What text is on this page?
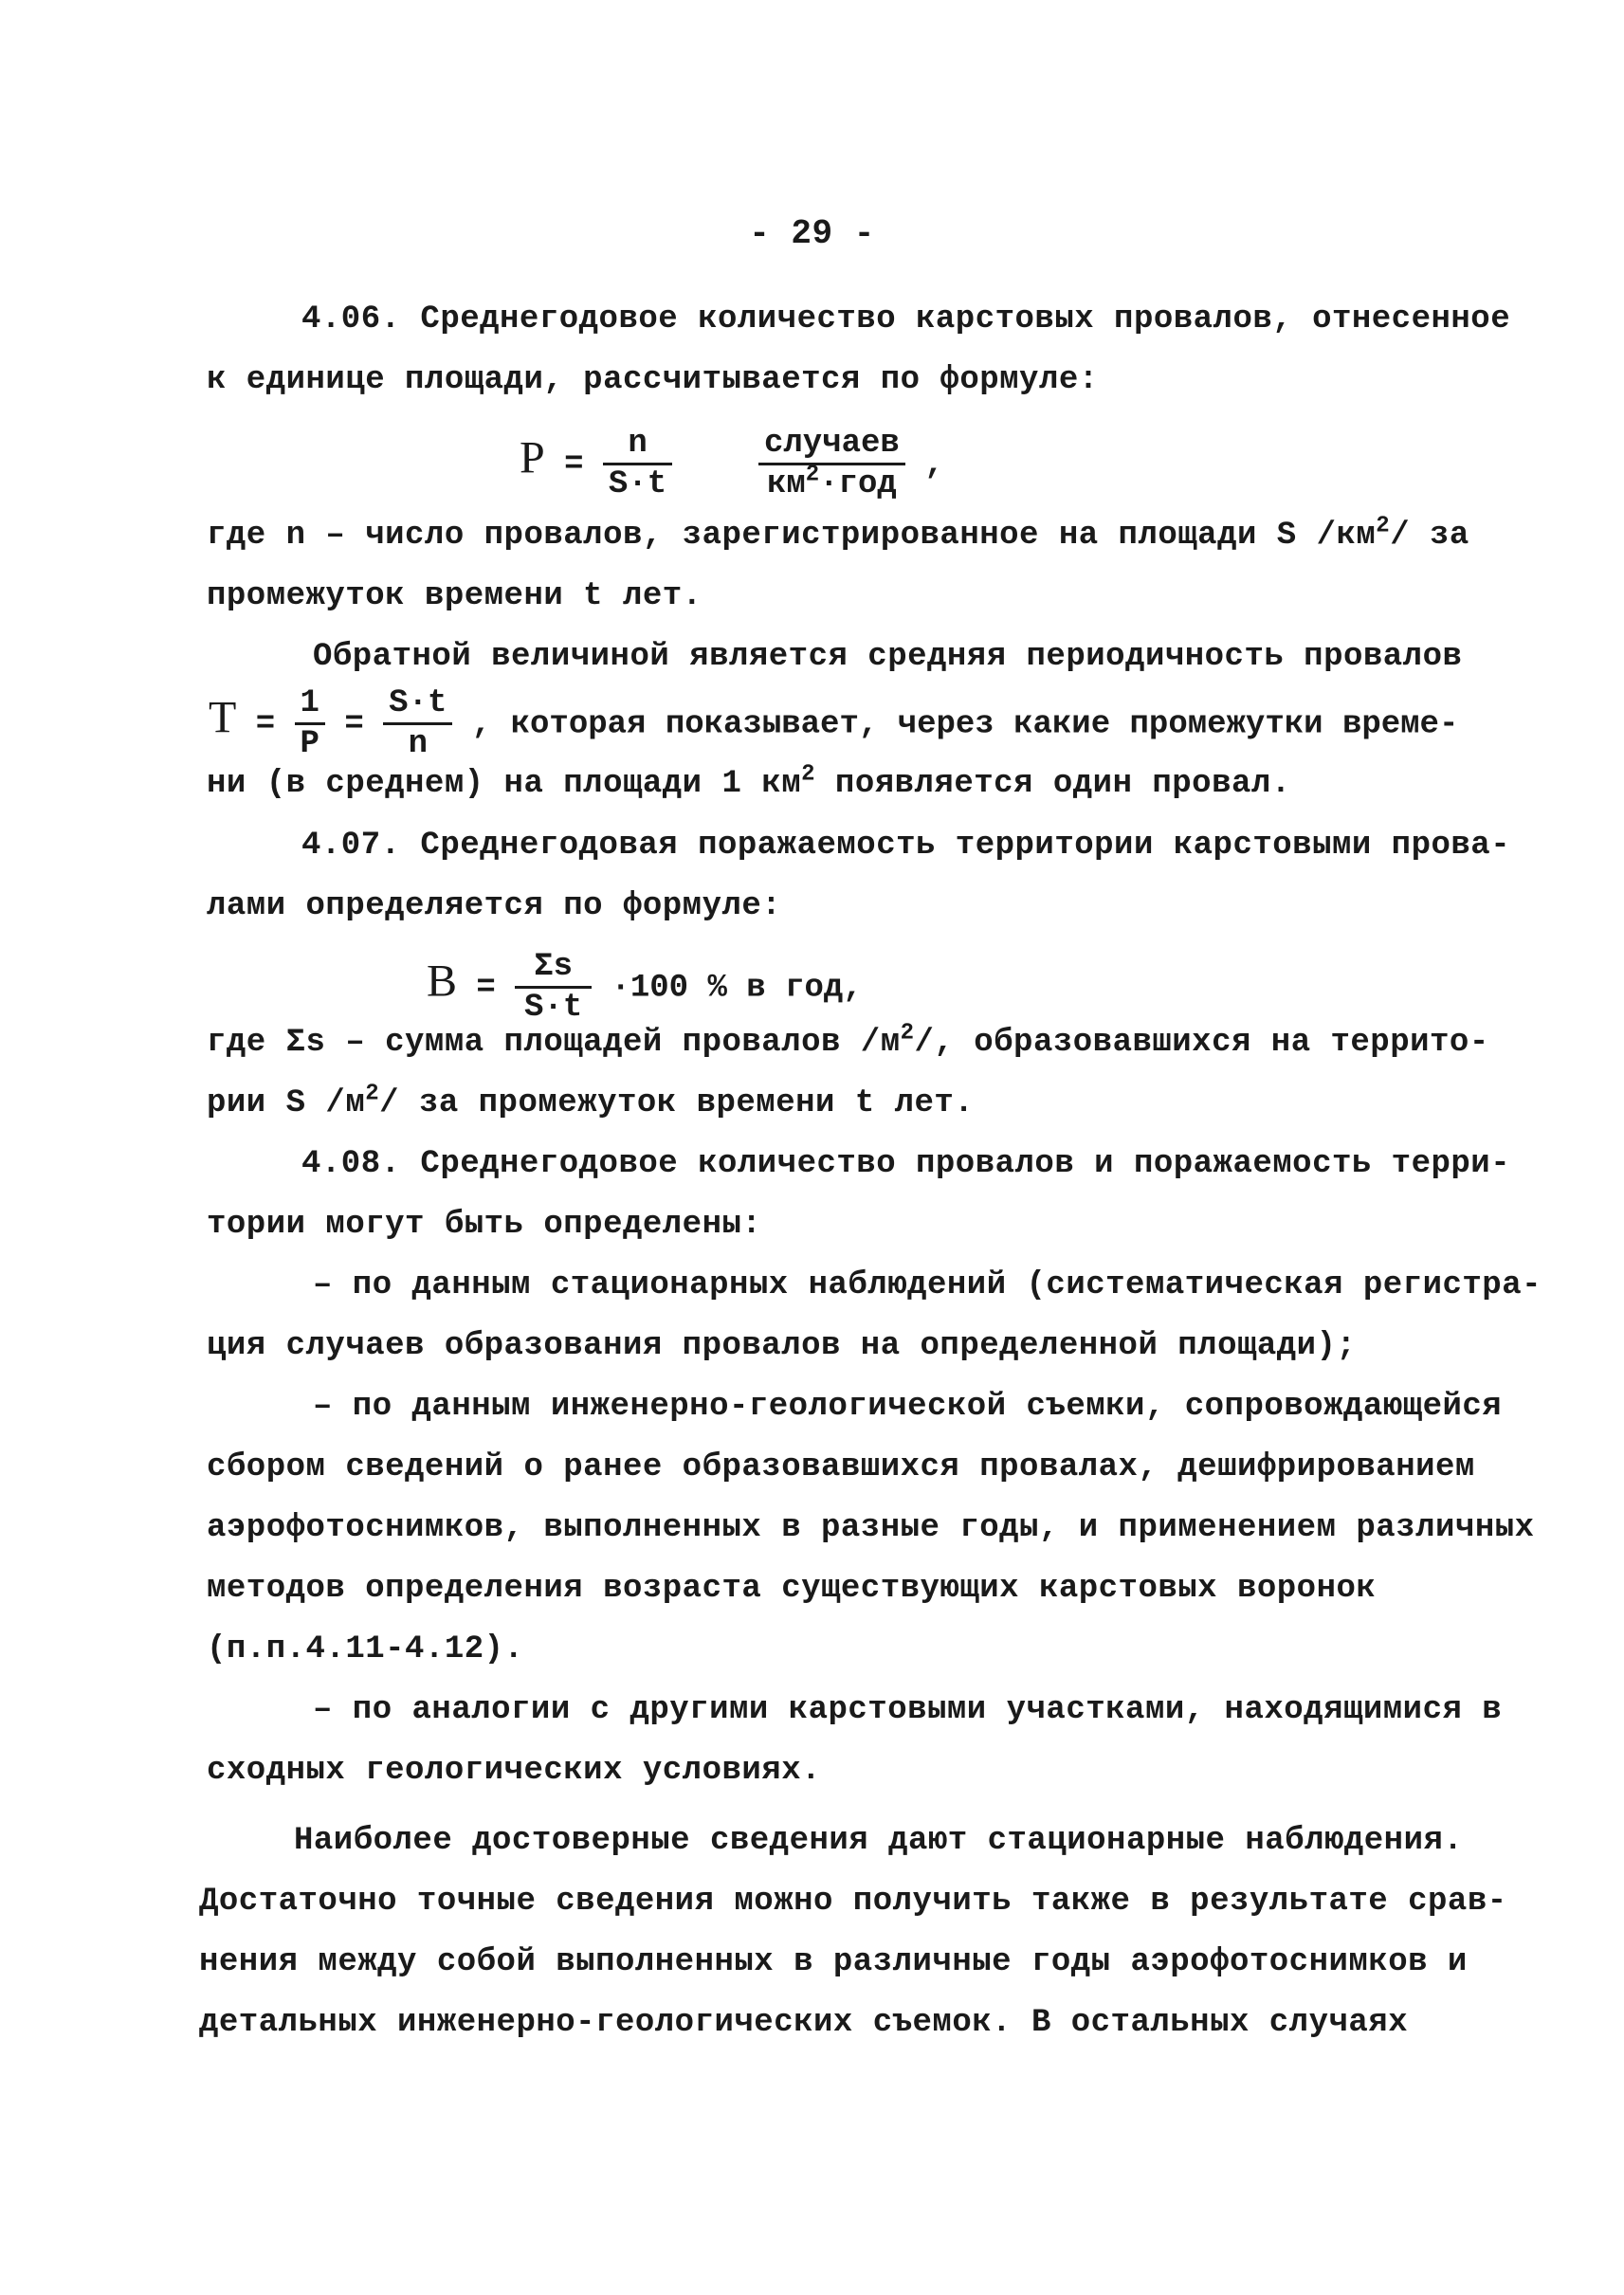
- 29 -
4.06. Среднегодовое количество карстовых провалов, отнесенное
к единице площади, рассчитывается по формуле:
$P = \frac{n}{S\cdot t}$
	$\frac{\text{случаев}}{км^2\cdot год}$ ,
где n – число провалов, зарегистрированное на площади S $/км^2/$ за
промежуток времени t лет.
Обратной величиной является средняя периодичность провалов
$T = \frac{1}{P} = \frac{S\cdot t}{n}$ , которая показывает, через какие промежутки време-
ни (в среднем) на площади 1 $км^2$ появляется один провал.
4.07. Среднегодовая поражаемость территории карстовыми прова-
лами определяется по формуле:
$B = \frac{\Sigma s}{S\cdot t} \cdot 100$ % в год,
где Σs – сумма площадей провалов $/м^2/$, образовавшихся на террито-
рии S $/м^2/$ за промежуток времени t лет.
4.08. Среднегодовое количество провалов и поражаемость терри-
тории могут быть определены:
– по данным стационарных наблюдений (систематическая регистра-
ция случаев образования провалов на определенной площади);
– по данным инженерно-геологической съемки, сопровождающейся
сбором сведений о ранее образовавшихся провалах, дешифрированием
аэрофотоснимков, выполненных в разные годы, и применением различных
методов определения возраста существующих карстовых воронок
(п.п.4.11-4.12).
– по аналогии с другими карстовыми участками, находящимися в
сходных геологических условиях.
Наиболее достоверные сведения дают стационарные наблюдения.
Достаточно точные сведения можно получить также в результате срав-
нения между собой выполненных в различные годы аэрофотоснимков и
детальных инженерно-геологических съемок. В остальных случаях
